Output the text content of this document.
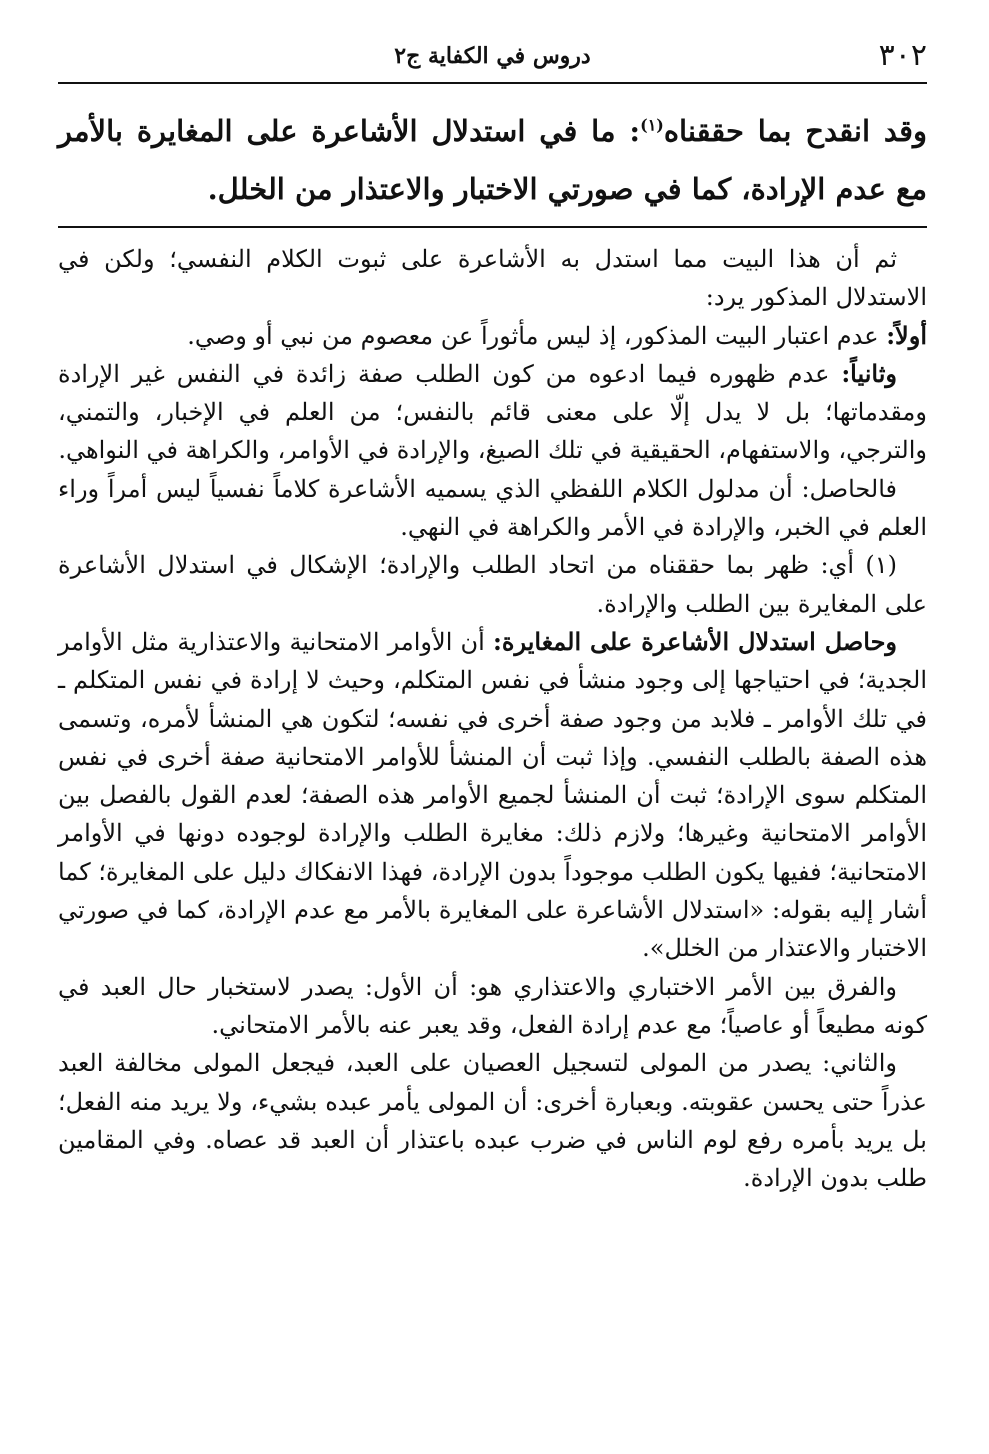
٣٠٢
دروس في الكفاية ج٢
وقد انقدح بما حققناه$^{(١)}$: ما في استدلال الأشاعرة على المغايرة بالأمر مع عدم الإرادة، كما في صورتي الاختبار والاعتذار من الخلل.

ثم أن هذا البيت مما استدل به الأشاعرة على ثبوت الكلام النفسي؛ ولكن في الاستدلال المذكور يرد:

أولاً: عدم اعتبار البيت المذكور، إذ ليس مأثوراً عن معصوم من نبي أو وصي.

وثانياً: عدم ظهوره فيما ادعوه من كون الطلب صفة زائدة في النفس غير الإرادة ومقدماتها؛ بل لا يدل إلّا على معنى قائم بالنفس؛ من العلم في الإخبار، والتمني، والترجي، والاستفهام، الحقيقية في تلك الصيغ، والإرادة في الأوامر، والكراهة في النواهي.

فالحاصل: أن مدلول الكلام اللفظي الذي يسميه الأشاعرة كلاماً نفسياً ليس أمراً وراء العلم في الخبر، والإرادة في الأمر والكراهة في النهي.

(١) أي: ظهر بما حققناه من اتحاد الطلب والإرادة؛ الإشكال في استدلال الأشاعرة على المغايرة بين الطلب والإرادة.

وحاصل استدلال الأشاعرة على المغايرة: أن الأوامر الامتحانية والاعتذارية مثل الأوامر الجدية؛ في احتياجها إلى وجود منشأ في نفس المتكلم، وحيث لا إرادة في نفس المتكلم ـ في تلك الأوامر ـ فلابد من وجود صفة أخرى في نفسه؛ لتكون هي المنشأ لأمره، وتسمى هذه الصفة بالطلب النفسي. وإذا ثبت أن المنشأ للأوامر الامتحانية صفة أخرى في نفس المتكلم سوى الإرادة؛ ثبت أن المنشأ لجميع الأوامر هذه الصفة؛ لعدم القول بالفصل بين الأوامر الامتحانية وغيرها؛ ولازم ذلك: مغايرة الطلب والإرادة لوجوده دونها في الأوامر الامتحانية؛ ففيها يكون الطلب موجوداً بدون الإرادة، فهذا الانفكاك دليل على المغايرة؛ كما أشار إليه بقوله: «استدلال الأشاعرة على المغايرة بالأمر مع عدم الإرادة، كما في صورتي الاختبار والاعتذار من الخلل».

والفرق بين الأمر الاختباري والاعتذاري هو: أن الأول: يصدر لاستخبار حال العبد في كونه مطيعاً أو عاصياً؛ مع عدم إرادة الفعل، وقد يعبر عنه بالأمر الامتحاني.

والثاني: يصدر من المولى لتسجيل العصيان على العبد، فيجعل المولى مخالفة العبد عذراً حتى يحسن عقوبته. وبعبارة أخرى: أن المولى يأمر عبده بشيء، ولا يريد منه الفعل؛ بل يريد بأمره رفع لوم الناس في ضرب عبده باعتذار أن العبد قد عصاه. وفي المقامين طلب بدون الإرادة.
